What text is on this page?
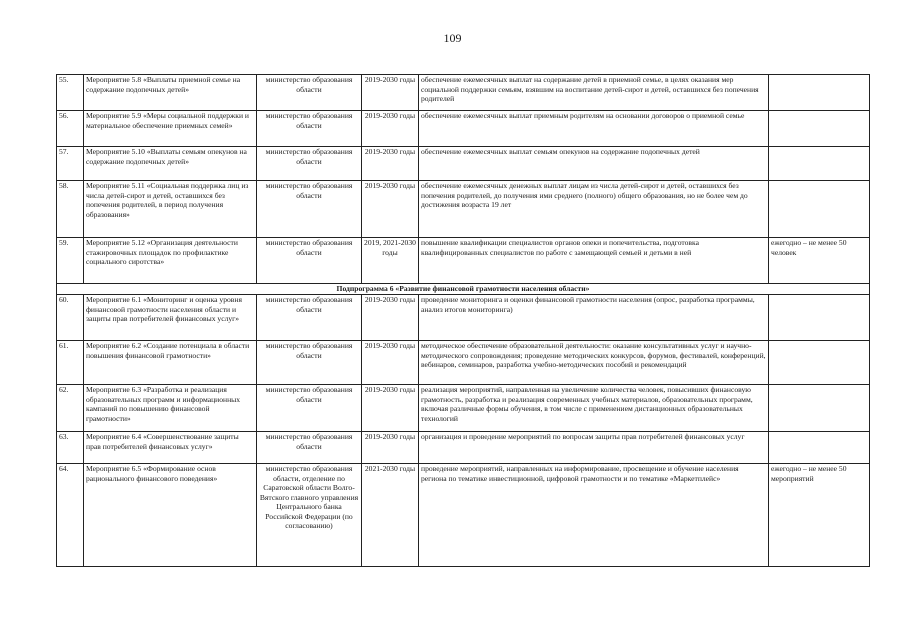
109
55.	Мероприятие 5.8 «Выплаты приемной семье на содержание подопечных детей»	министерство образования области	2019-2030 годы	обеспечение ежемесячных выплат на содержание детей в приемной семье, в целях оказания мер социальной поддержки семьям, взявшим на воспитание детей-сирот и детей, оставшихся без попечения родителей	
56.	Мероприятие 5.9 «Меры социальной поддержки и материальное обеспечение приемных семей»	министерство образования области	2019-2030 годы	обеспечение ежемесячных выплат приемным родителям на основании договоров о приемной семье	
57.	Мероприятие 5.10 «Выплаты семьям опекунов на содержание подопечных детей»	министерство образования области	2019-2030 годы	обеспечение ежемесячных выплат семьям опекунов на содержание подопечных детей	
58.	Мероприятие 5.11 «Социальная поддержка лиц из числа детей-сирот и детей, оставшихся без попечения родителей, в период получения образования»	министерство образования области	2019-2030 годы	обеспечение ежемесячных денежных выплат лицам из числа детей-сирот и детей, оставшихся без попечения родителей, до получения ими среднего (полного) общего образования, но не более чем до достижения возраста 19 лет	
59.	Мероприятие 5.12 «Организация деятельности стажировочных площадок по профилактике социального сиротства»	министерство образования области	2019, 2021-2030 годы	повышение квалификации специалистов органов опеки и попечительства, подготовка квалифицированных специалистов по работе с замещающей семьей и детьми в ней	ежегодно – не менее 50 человек
Подпрограмма 6 «Развитие финансовой грамотности населения области»					
60.	Мероприятие 6.1 «Мониторинг и оценка уровня финансовой грамотности населения области и защиты прав потребителей финансовых услуг»	министерство образования области	2019-2030 годы	проведение мониторинга и оценки финансовой грамотности населения (опрос, разработка программы, анализ итогов мониторинга)	
61.	Мероприятие 6.2 «Создание потенциала в области повышения финансовой грамотности»	министерство образования области	2019-2030 годы	методическое обеспечение образовательной деятельности: оказание консультативных услуг и научно-методического сопровождения; проведение методических конкурсов, форумов, фестивалей, конференций, вебинаров, семинаров, разработка учебно-методических пособий и рекомендаций	
62.	Мероприятие 6.3 «Разработка и реализация образовательных программ и информационных кампаний по повышению финансовой грамотности»	министерство образования области	2019-2030 годы	реализация мероприятий, направленная на увеличение количества человек, повысивших финансовую грамотность, разработка и реализация современных учебных материалов, образовательных программ, включая различные формы обучения, в том числе с применением дистанционных образовательных технологий	
63.	Мероприятие 6.4 «Совершенствование защиты прав потребителей финансовых услуг»	министерство образования области	2019-2030 годы	организация и проведение мероприятий по вопросам защиты прав потребителей финансовых услуг	
64.	Мероприятие 6.5 «Формирование основ рационального финансового поведения»	министерство образования области, отделение по Саратовской области Волго-Вятского главного управления Центрального банка Российской Федерации (по согласованию)	2021-2030 годы	проведение мероприятий, направленных на информирование, просвещение и обучение населения региона по тематике инвестиционной, цифровой грамотности и по тематике «Маркетплейс»	ежегодно – не менее 50 мероприятий
